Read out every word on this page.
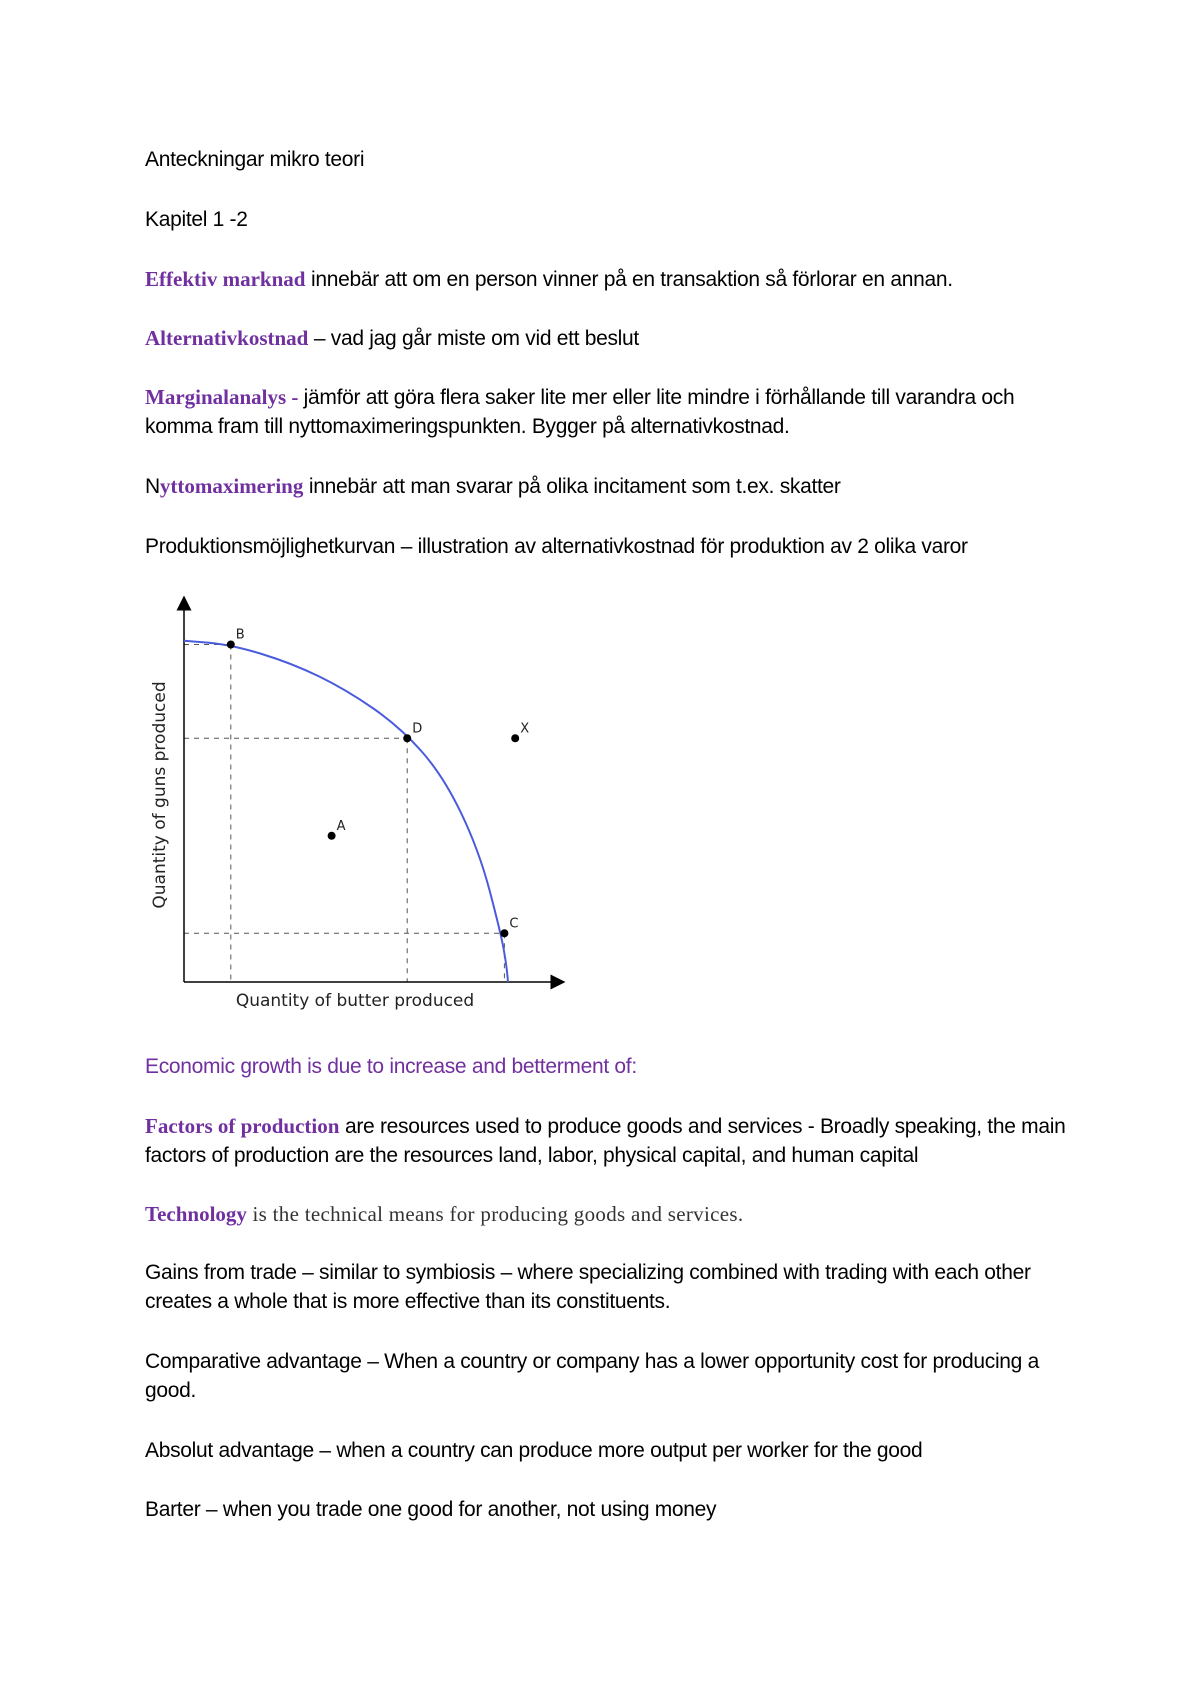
Anteckningar mikro teori
Kapitel 1 -2
Effektiv marknad innebär att om en person vinner på en transaktion så förlorar en annan.
Alternativkostnad – vad jag går miste om vid ett beslut
Marginalanalys - jämför att göra flera saker lite mer eller lite mindre i förhållande till varandra och komma fram till nyttomaximeringspunkten. Bygger på alternativkostnad.
Nyttomaximering innebär att man svarar på olika incitament som t.ex. skatter
Produktionsmöjlighetkurvan – illustration av alternativkostnad för produktion av 2 olika varor
B
D	X
A
C
Quantity of butter produced
Quantity of guns produced
Economic growth is due to increase and betterment of:
Factors of production are resources used to produce goods and services - Broadly speaking, the main factors of production are the resources land, labor, physical capital, and human capital
Technology is the technical means for producing goods and services.
Gains from trade – similar to symbiosis – where specializing combined with trading with each other creates a whole that is more effective than its constituents.
Comparative advantage – When a country or company has a lower opportunity cost for producing a good.
Absolut advantage – when a country can produce more output per worker for the good
Barter – when you trade one good for another, not using money
